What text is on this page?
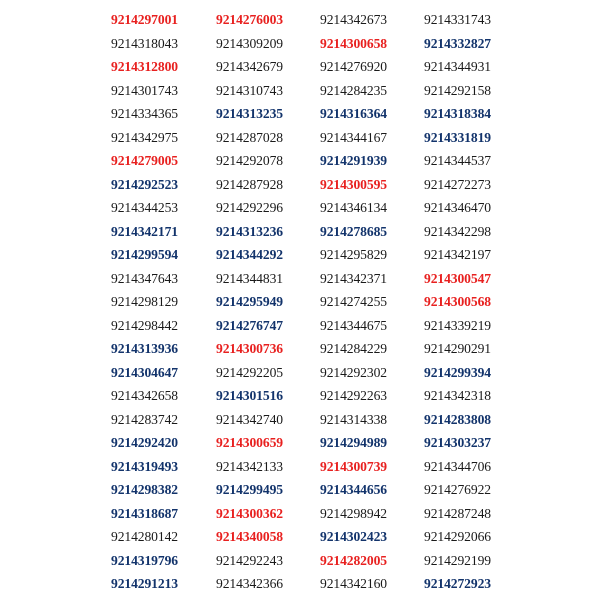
9214297001	9214276003	9214342673	9214331743
9214318043	9214309209	9214300658	9214332827
9214312800	9214342679	9214276920	9214344931
9214301743	9214310743	9214284235	9214292158
9214334365	9214313235	9214316364	9214318384
9214342975	9214287028	9214344167	9214331819
9214279005	9214292078	9214291939	9214344537
9214292523	9214287928	9214300595	9214272273
9214344253	9214292296	9214346134	9214346470
9214342171	9214313236	9214278685	9214342298
9214299594	9214344292	9214295829	9214342197
9214347643	9214344831	9214342371	9214300547
9214298129	9214295949	9214274255	9214300568
9214298442	9214276747	9214344675	9214339219
9214313936	9214300736	9214284229	9214290291
9214304647	9214292205	9214292302	9214299394
9214342658	9214301516	9214292263	9214342318
9214283742	9214342740	9214314338	9214283808
9214292420	9214300659	9214294989	9214303237
9214319493	9214342133	9214300739	9214344706
9214298382	9214299495	9214344656	9214276922
9214318687	9214300362	9214298942	9214287248
9214280142	9214340058	9214302423	9214292066
9214319796	9214292243	9214282005	9214292199
9214291213	9214342366	9214342160	9214272923
